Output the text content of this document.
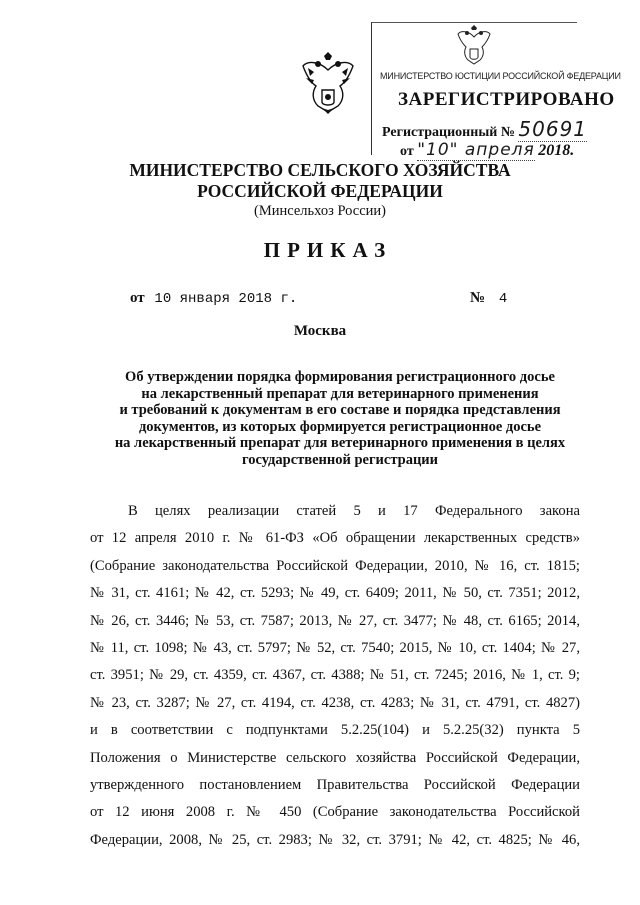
МИНИСТЕРСТВО ЮСТИЦИИ РОССИЙСКОЙ ФЕДЕРАЦИИ
ЗАРЕГИСТРИРОВАНО
Регистрационный № 50691
от "10" апреля 2018.
МИНИСТЕРСТВО СЕЛЬСКОГО ХОЗЯЙСТВА
РОССИЙСКОЙ ФЕДЕРАЦИИ
(Минсельхоз России)
ПРИКАЗ
от 10 января 2018 г.	№ 4
Москва
Об утверждении порядка формирования регистрационного досье
на лекарственный препарат для ветеринарного применения
и требований к документам в его составе и порядка представления
документов, из которых формируется регистрационное досье
на лекарственный препарат для ветеринарного применения в целях
государственной регистрации
В целях реализации статей 5 и 17 Федерального закона
от 12 апреля 2010 г. № 61-ФЗ «Об обращении лекарственных средств»
(Собрание законодательства Российской Федерации, 2010, № 16, ст. 1815;
№ 31, ст. 4161; № 42, ст. 5293; № 49, ст. 6409; 2011, № 50, ст. 7351; 2012,
№ 26, ст. 3446; № 53, ст. 7587; 2013, № 27, ст. 3477; № 48, ст. 6165; 2014,
№ 11, ст. 1098; № 43, ст. 5797; № 52, ст. 7540; 2015, № 10, ст. 1404; № 27,
ст. 3951; № 29, ст. 4359, ст. 4367, ст. 4388; № 51, ст. 7245; 2016, № 1, ст. 9;
№ 23, ст. 3287; № 27, ст. 4194, ст. 4238, ст. 4283; № 31, ст. 4791, ст. 4827)
и в соответствии с подпунктами 5.2.25(104) и 5.2.25(32) пункта 5
Положения о Министерстве сельского хозяйства Российской Федерации,
утвержденного постановлением Правительства Российской Федерации
от 12 июня 2008 г. № 450 (Собрание законодательства Российской
Федерации, 2008, № 25, ст. 2983; № 32, ст. 3791; № 42, ст. 4825; № 46,
